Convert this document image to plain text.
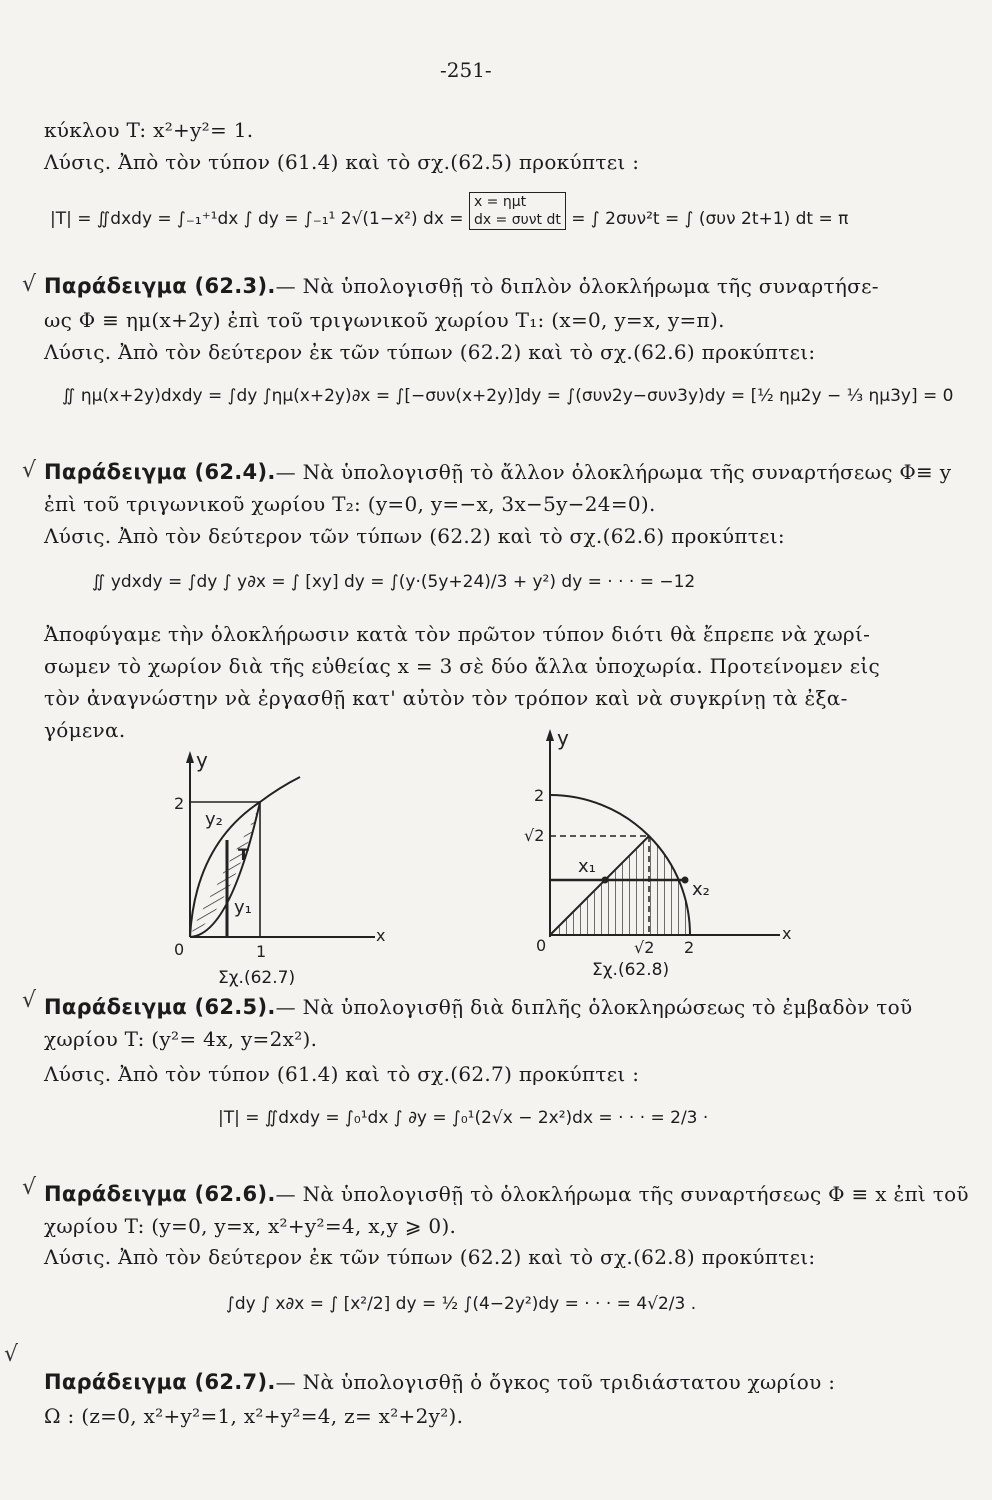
-251-
κύκλου T: x²+y²= 1.
Λύσις. Ἀπὸ τὸν τύπον (61.4) καὶ τὸ σχ.(62.5) προκύπτει :
|T| = ∬dxdy = ∫₋₁⁺¹dx ∫ dy = ∫₋₁¹ 2√(1−x²) dx = x = ημt
dx = συνt dt = ∫ 2συν²t = ∫ (συν 2t+1) dt = π
√ Παράδειγμα (62.3).— Νὰ ὑπολογισθῇ τὸ διπλὸν ὁλοκλήρωμα τῆς συναρτήσε-
ως Φ ≡ ημ(x+2y) ἐπὶ τοῦ τριγωνικοῦ χωρίου T₁: (x=0, y=x, y=π).
Λύσις. Ἀπὸ τὸν δεύτερον ἐκ τῶν τύπων (62.2) καὶ τὸ σχ.(62.6) προκύπτει:
∬ ημ(x+2y)dxdy = ∫dy ∫ημ(x+2y)∂x = ∫[−συν(x+2y)]dy = ∫(συν2y−συν3y)dy = [½ ημ2y − ⅓ ημ3y] = 0
√ Παράδειγμα (62.4).— Νὰ ὑπολογισθῇ τὸ ἄλλον ὁλοκλήρωμα τῆς συναρτήσεως Φ≡ y
ἐπὶ τοῦ τριγωνικοῦ χωρίου T₂: (y=0, y=−x, 3x−5y−24=0).
Λύσις. Ἀπὸ τὸν δεύτερον τῶν τύπων (62.2) καὶ τὸ σχ.(62.6) προκύπτει:
∬ ydxdy = ∫dy ∫ y∂x = ∫ [xy] dy = ∫(y·(5y+24)/3 + y²) dy = · · · = −12
Ἀποφύγαμε τὴν ὁλοκλήρωσιν κατὰ τὸν πρῶτον τύπον διότι θὰ ἔπρεπε νὰ χωρί-
σωμεν τὸ χωρίον διὰ τῆς εὐθείας x = 3 σὲ δύο ἄλλα ὑποχωρία. Προτείνομεν εἰς
τὸν ἀναγνώστην νὰ ἐργασθῇ κατ' αὐτὸν τὸν τρόπον καὶ νὰ συγκρίνῃ τὰ ἐξα-
γόμενα.
y
x
0	1
2
y₂
y₁
T
Σχ.(62.7)
y
x
0	√2 2
2
√2
x₁
x₂
Σχ.(62.8)
√ Παράδειγμα (62.5).— Νὰ ὑπολογισθῇ διὰ διπλῆς ὁλοκληρώσεως τὸ ἐμβαδὸν τοῦ
χωρίου T: (y²= 4x, y=2x²).
Λύσις. Ἀπὸ τὸν τύπον (61.4) καὶ τὸ σχ.(62.7) προκύπτει :
|T| = ∬dxdy = ∫₀¹dx ∫ ∂y = ∫₀¹(2√x − 2x²)dx = · · · = 2/3 ·
√ Παράδειγμα (62.6).— Νὰ ὑπολογισθῇ τὸ ὁλοκλήρωμα τῆς συναρτήσεως Φ ≡ x ἐπὶ τοῦ
χωρίου T: (y=0, y=x, x²+y²=4, x,y ⩾ 0).
Λύσις. Ἀπὸ τὸν δεύτερον ἐκ τῶν τύπων (62.2) καὶ τὸ σχ.(62.8) προκύπτει:
∫dy ∫ x∂x = ∫ [x²/2] dy = ½ ∫(4−2y²)dy = · · · = 4√2/3 .
√
Παράδειγμα (62.7).— Νὰ ὑπολογισθῇ ὁ ὄγκος τοῦ τριδιάστατου χωρίου :
Ω : (z=0, x²+y²=1, x²+y²=4, z= x²+2y²).
